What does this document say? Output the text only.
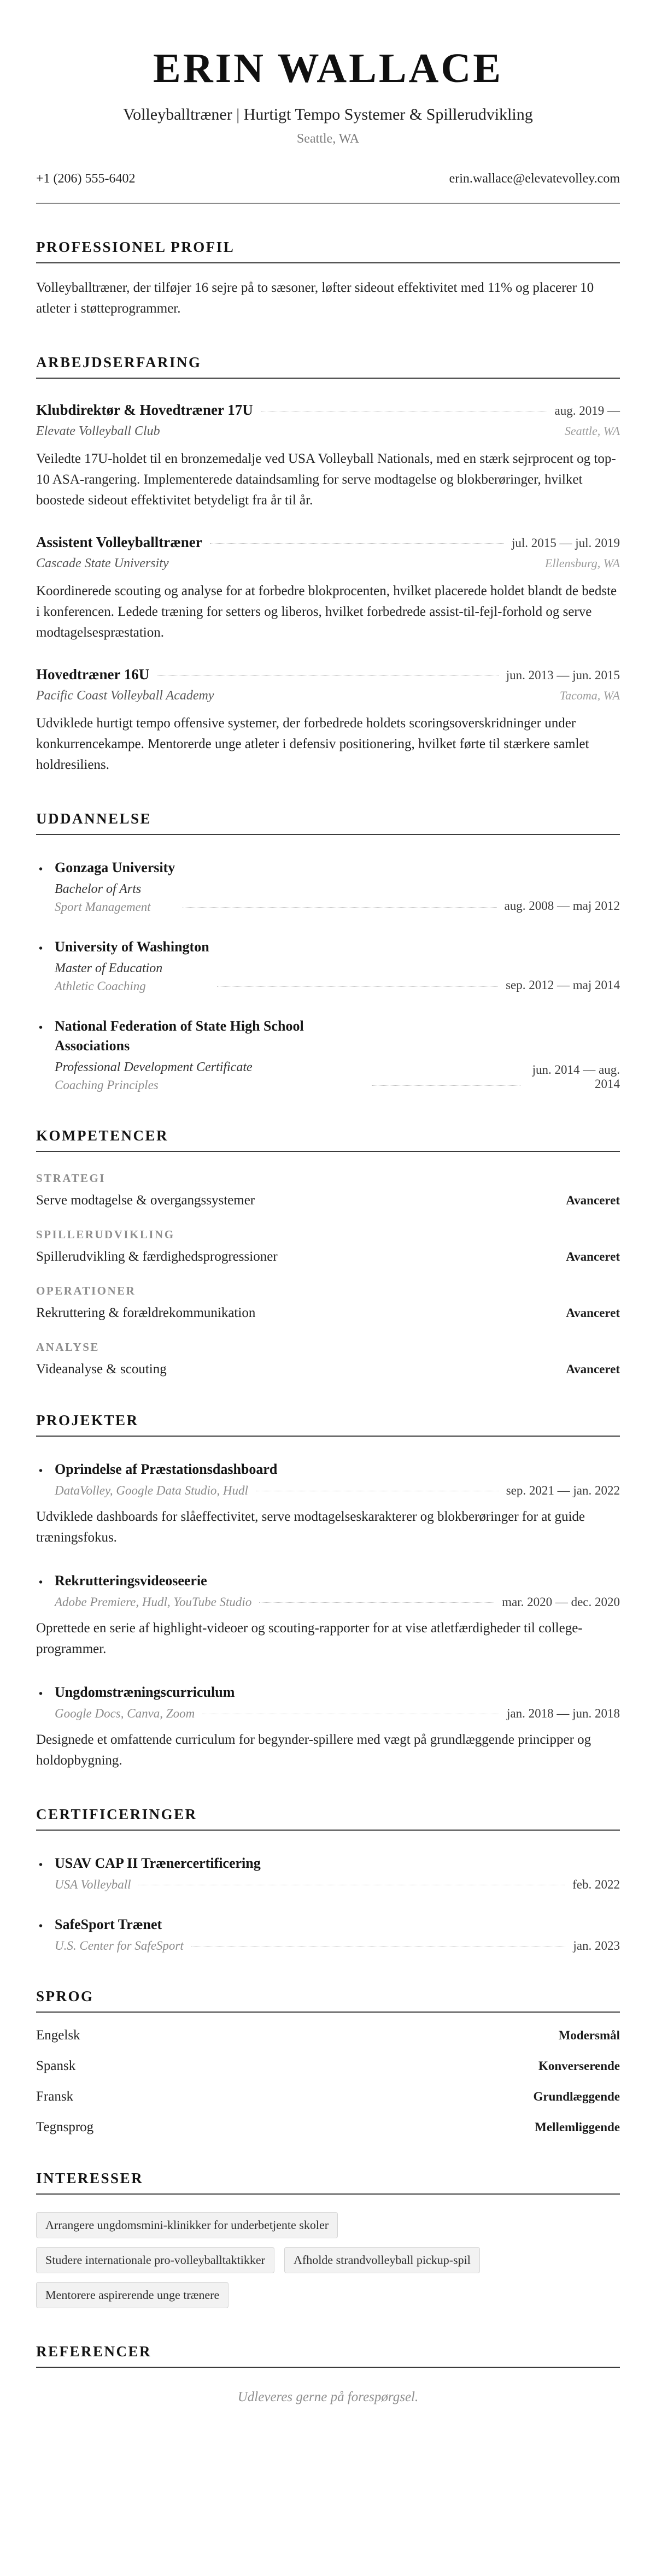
ERIN WALLACE
Volleyballtræner | Hurtigt Tempo Systemer & Spillerudvikling
Seattle, WA
+1 (206) 555-6402	erin.wallace@elevatevolley.com
PROFESSIONEL PROFIL

Volleyballtræner, der tilføjer 16 sejre på to sæsoner, løfter sideout effektivitet med 11% og placerer 10 atleter i støtteprogrammer.

ARBEJDSERFARING
Klubdirektør & Hovedtræner 17U	aug. 2019 —
Elevate Volleyball Club	Seattle, WA

Veiledte 17U-holdet til en bronzemedalje ved USA Volleyball Nationals, med en stærk sejrprocent og top-10 ASA-rangering. Implementerede dataindsamling for serve modtagelse og blokberøringer, hvilket boostede sideout effektivitet betydeligt fra år til år.

Assistent Volleyballtræner	jul. 2015 — jul. 2019
Cascade State University	Ellensburg, WA

Koordinerede scouting og analyse for at forbedre blokprocenten, hvilket placerede holdet blandt de bedste i konferencen. Ledede træning for setters og liberos, hvilket forbedrede assist-til-fejl-forhold og serve modtagelsespræstation.

Hovedtræner 16U	jun. 2013 — jun. 2015
Pacific Coast Volleyball Academy	Tacoma, WA

Udviklede hurtigt tempo offensive systemer, der forbedrede holdets scoringsoverskridninger under konkurrencekampe. Mentorerde unge atleter i defensiv positionering, hvilket førte til stærkere samlet holdresiliens.

UDDANNELSE
• Gonzaga University
Bachelor of Arts
Sport Management	aug. 2008 — maj 2012
• University of Washington
Master of Education
Athletic Coaching	sep. 2012 — maj 2014
• National Federation of State High School Associations
Professional Development Certificate
Coaching Principles
jun. 2014 — aug. 2014
KOMPETENCER
STRATEGI
Serve modtagelse & overgangssystemer	Avanceret
SPILLERUDVIKLING
Spillerudvikling & færdighedsprogressioner	Avanceret
OPERATIONER
Rekruttering & forældrekommunikation	Avanceret
ANALYSE
Videanalyse & scouting	Avanceret
PROJEKTER
• Oprindelse af Præstationsdashboard
DataVolley, Google Data Studio, Hudl	sep. 2021 — jan. 2022

Udviklede dashboards for slåeffectivitet, serve modtagelseskarakterer og blokberøringer for at guide træningsfokus.

• Rekrutteringsvideoseerie
Adobe Premiere, Hudl, YouTube Studio	mar. 2020 — dec. 2020

Oprettede en serie af highlight-videoer og scouting-rapporter for at vise atletfærdigheder til college-programmer.

• Ungdomstræningscurriculum
Google Docs, Canva, Zoom	jan. 2018 — jun. 2018

Designede et omfattende curriculum for begynder-spillere med vægt på grundlæggende principper og holdopbygning.

CERTIFICERINGER
• USAV CAP II Trænercertificering
USA Volleyball	feb. 2022
• SafeSport Trænet
U.S. Center for SafeSport	jan. 2023
SPROG
Engelsk	Modersmål
Spansk	Konverserende
Fransk	Grundlæggende
Tegnsprog	Mellemliggende
INTERESSER
Arrangere ungdomsmini-klinikker for underbetjente skoler
Studere internationale pro-volleyballtaktikker Afholde strandvolleyball pickup-spil
Mentorere aspirerende unge trænere
REFERENCER

Udleveres gerne på forespørgsel.
